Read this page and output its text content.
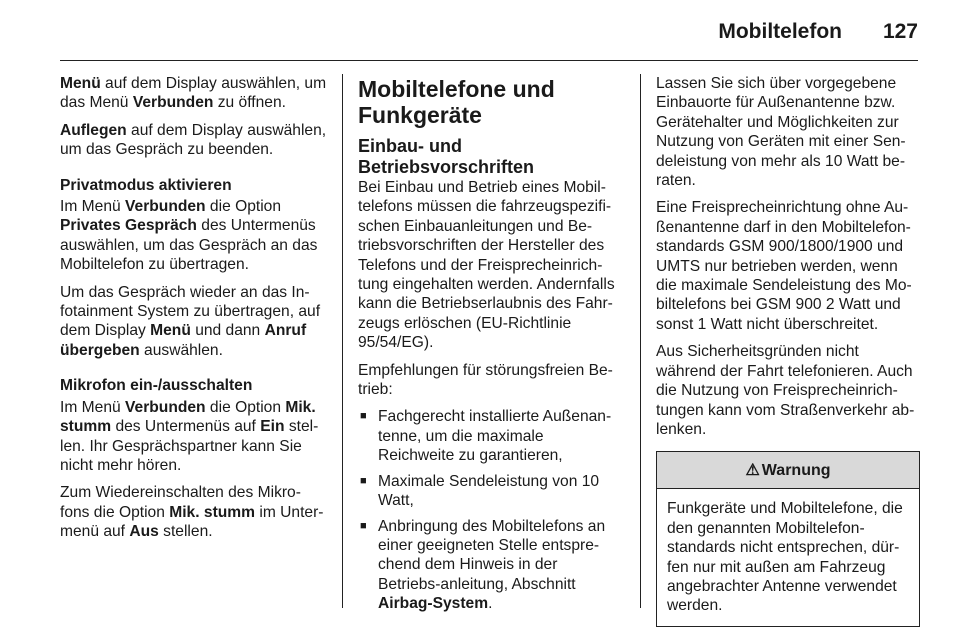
Mobiltelefon 127

Menü auf dem Display auswählen, um das Menü Verbunden zu öffnen.

Auflegen auf dem Display auswählen, um das Gespräch zu beenden.

Privatmodus aktivieren

Im Menü Verbunden die Option Privates Gespräch des Untermenüs auswählen, um das Gespräch an das Mobiltelefon zu übertragen.

Um das Gespräch wieder an das In-fotainment System zu übertragen, auf dem Display Menü und dann Anruf übergeben auswählen.

Mikrofon ein-/ausschalten

Im Menü Verbunden die Option Mik. stumm des Untermenüs auf Ein stel-len. Ihr Gesprächspartner kann Sie nicht mehr hören.

Zum Wiedereinschalten des Mikro-fons die Option Mik. stumm im Unter-menü auf Aus stellen.

Mobiltelefone und Funkgeräte
Einbau- und Betriebsvorschriften

Bei Einbau und Betrieb eines Mobil-telefons müssen die fahrzeugspezifi-schen Einbauanleitungen und Be-triebsvorschriften der Hersteller des Telefons und der Freisprecheinrich-tung eingehalten werden. Andernfalls kann die Betriebserlaubnis des Fahr-zeugs erlöschen (EU-Richtlinie 95/54/EG).

Empfehlungen für störungsfreien Be-trieb:

■ Fachgerecht installierte Außenan-tenne, um die maximale Reichweite zu garantieren,
■ Maximale Sendeleistung von 10 Watt,
■ Anbringung des Mobiltelefons an einer geeigneten Stelle entspre-chend dem Hinweis in der Betriebs-anleitung, Abschnitt Airbag-System.

Lassen Sie sich über vorgegebene Einbauorte für Außenantenne bzw. Gerätehalter und Möglichkeiten zur Nutzung von Geräten mit einer Sen-deleistung von mehr als 10 Watt be-raten.

Eine Freisprecheinrichtung ohne Au-ßenantenne darf in den Mobiltelefon-standards GSM 900/1800/1900 und UMTS nur betrieben werden, wenn die maximale Sendeleistung des Mo-biltelefons bei GSM 900 2 Watt und sonst 1 Watt nicht überschreitet.

Aus Sicherheitsgründen nicht während der Fahrt telefonieren. Auch die Nutzung von Freisprecheinrich-tungen kann vom Straßenverkehr ab-lenken.

⚠ Warnung
Funkgeräte und Mobiltelefone, die den genannten Mobiltelefon-standards nicht entsprechen, dür-fen nur mit außen am Fahrzeug angebrachter Antenne verwendet werden.
